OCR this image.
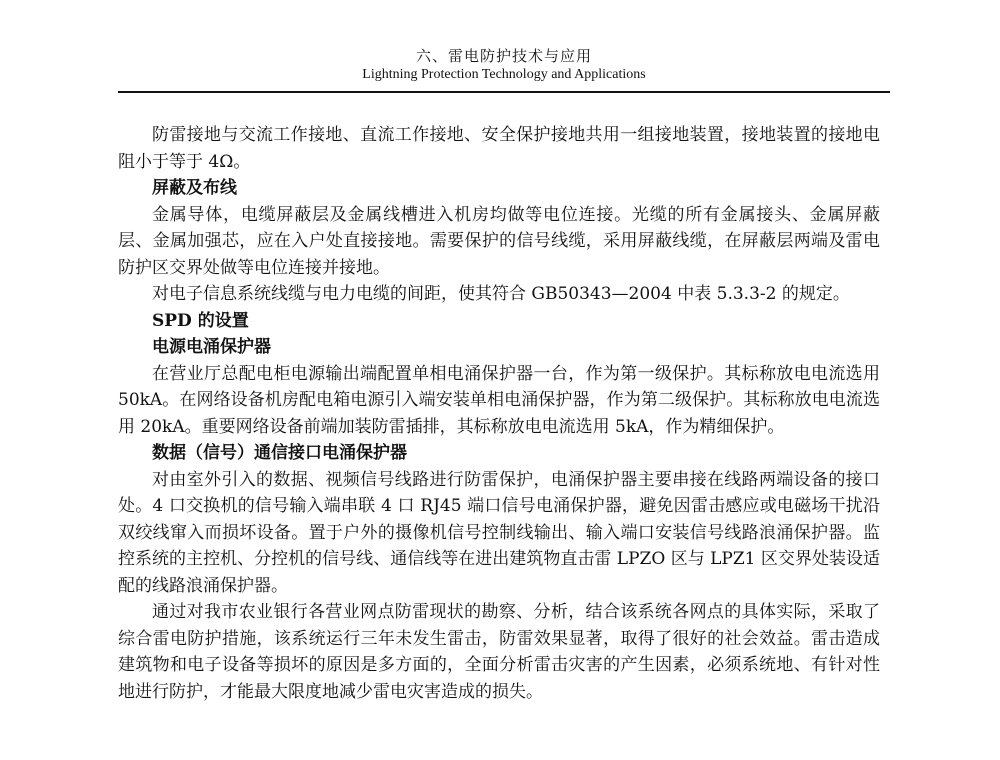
六、雷电防护技术与应用
Lightning Protection Technology and Applications

防雷接地与交流工作接地、直流工作接地、安全保护接地共用一组接地装置，接地装置的接地电阻小于等于 4Ω。

屏蔽及布线

金属导体，电缆屏蔽层及金属线槽进入机房均做等电位连接。光缆的所有金属接头、金属屏蔽层、金属加强芯，应在入户处直接接地。需要保护的信号线缆，采用屏蔽线缆，在屏蔽层两端及雷电防护区交界处做等电位连接并接地。

对电子信息系统线缆与电力电缆的间距，使其符合 GB50343—2004 中表 5.3.3-2 的规定。

SPD 的设置

电源电涌保护器

在营业厅总配电柜电源输出端配置单相电涌保护器一台，作为第一级保护。其标称放电电流选用 50kA。在网络设备机房配电箱电源引入端安装单相电涌保护器，作为第二级保护。其标称放电电流选用 20kA。重要网络设备前端加装防雷插排，其标称放电电流选用 5kA，作为精细保护。

数据（信号）通信接口电涌保护器

对由室外引入的数据、视频信号线路进行防雷保护，电涌保护器主要串接在线路两端设备的接口处。4 口交换机的信号输入端串联 4 口 RJ45 端口信号电涌保护器，避免因雷击感应或电磁场干扰沿双绞线窜入而损坏设备。置于户外的摄像机信号控制线输出、输入端口安装信号线路浪涌保护器。监控系统的主控机、分控机的信号线、通信线等在进出建筑物直击雷 LPZO 区与 LPZ1 区交界处装设适配的线路浪涌保护器。

通过对我市农业银行各营业网点防雷现状的勘察、分析，结合该系统各网点的具体实际，采取了综合雷电防护措施，该系统运行三年未发生雷击，防雷效果显著，取得了很好的社会效益。雷击造成建筑物和电子设备等损坏的原因是多方面的，全面分析雷击灾害的产生因素，必须系统地、有针对性地进行防护，才能最大限度地减少雷电灾害造成的损失。
